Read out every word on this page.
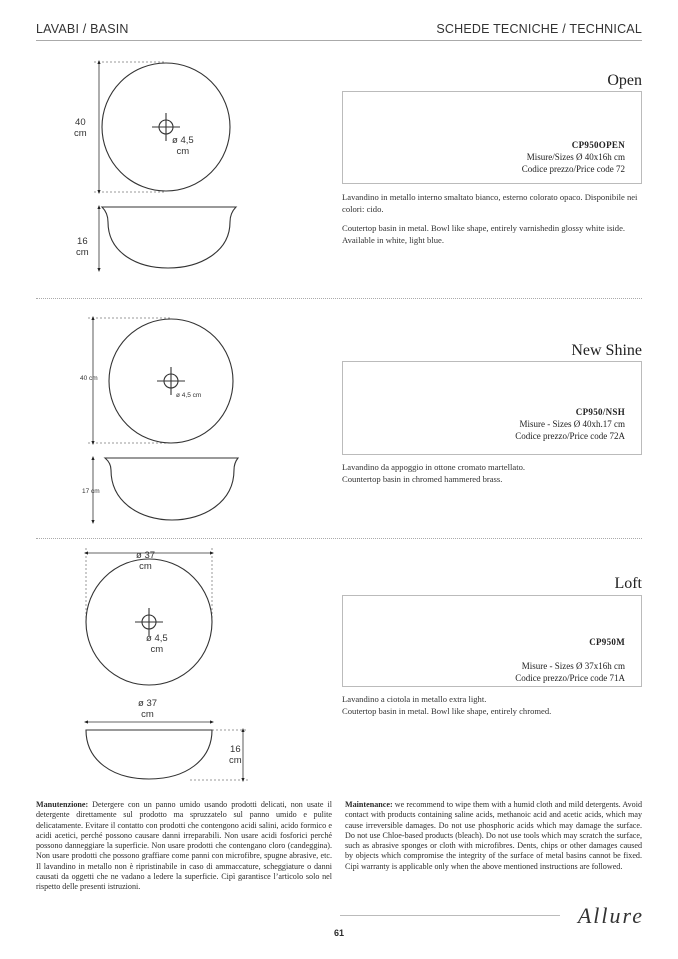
LAVABI / BASIN	SCHEDE TECNICHE / TECHNICAL
40
cm
ø 4,5
cm
16
cm
40 cm
ø 4,5 cm
17 cm
ø 37
cm
ø 4,5
cm
ø 37
cm
16
cm
Open
CP950OPEN
Misure/Sizes Ø 40x16h cm
Codice prezzo/Price code 72

Lavandino in metallo interno smaltato bianco, esterno colorato opaco. Disponibile nei colori: cido.

Coutertop basin in metal. Bowl like shape, entirely varnishedin glossy white iside. Available in white, light blue.

New Shine
CP950/NSH
Misure - Sizes Ø 40xh.17 cm
Codice prezzo/Price code 72A

Lavandino da appoggio in ottone cromato martellato.

Countertop basin in chromed hammered brass.

Loft
CP950M
Misure - Sizes Ø 37x16h cm
Codice prezzo/Price code 71A

Lavandino a ciotola in metallo extra light.

Coutertop basin in metal. Bowl like shape, entirely chromed.

Manutenzione: Detergere con un panno umido usando prodotti delicati, non usate il detergente direttamente sul prodotto ma spruzzatelo sul panno umido e pulite delicatamente. Evitare il contatto con prodotti che contengono acidi salini, acido formico e acidi acetici, perché possono causare danni irreparabili. Non usare acidi fosforici perché possono danneggiare la superficie. Non usare prodotti che contengano cloro (candeggina). Non usare prodotti che possono graffiare come panni con microfibre, spugne abrasive, etc. Il lavandino in metallo non è ripristinabile in caso di ammaccature, scheggiature o danni causati da oggetti che ne vadano a ledere la superficie. Cipì garantisce l’articolo solo nel rispetto delle presenti istruzioni.
Maintenance: we recommend to wipe them with a humid cloth and mild detergents. Avoid contact with products containing saline acids, methanoic acid and acetic acids, which may cause irreversible damages. Do not use phosphoric acids which may damage the surface. Do not use Chloe-based products (bleach). Do not use tools which may scratch the surface, such as abrasive sponges or cloth with microfibres. Dents, chips or other damages caused by objects which compromise the integrity of the surface of metal basins cannot be fixed. Cipì warranty is applicable only when the above mentioned instructions are followed.
Allure
61
